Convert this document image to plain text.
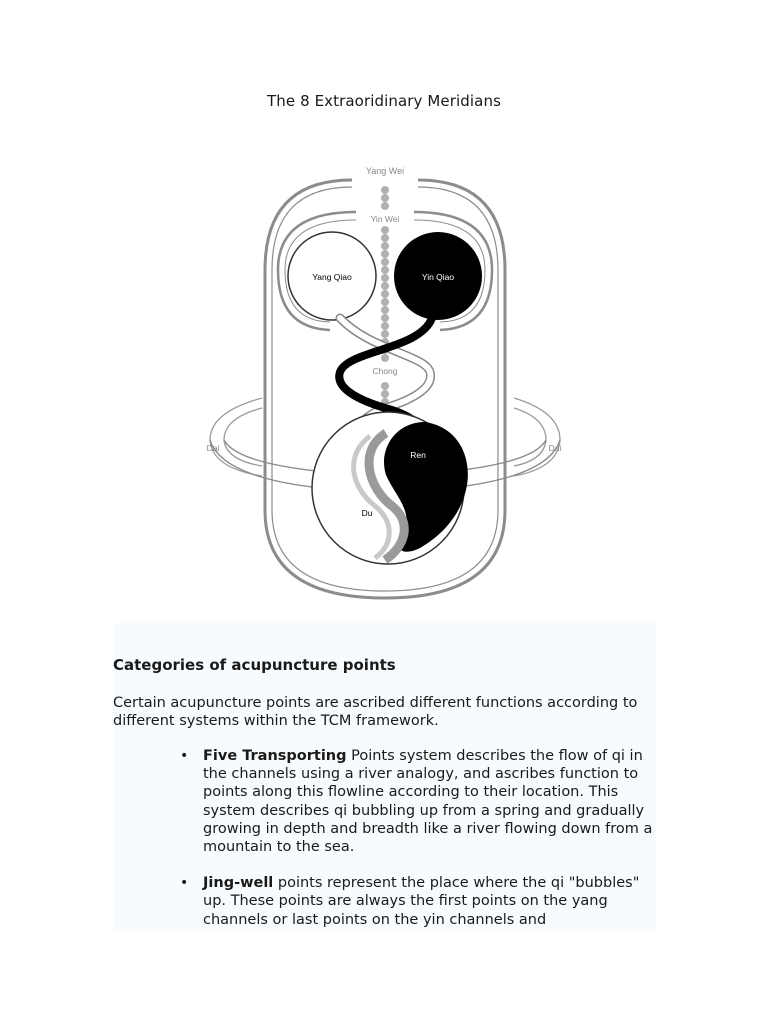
The 8 Extraoridinary Meridians
Yang Wei
Yin Wei
Yang Qiao	Yin Qiao
Chong
Dai	Dai
Ren
Du
Categories of acupuncture points
Certain acupuncture points are ascribed different functions according to different systems within the TCM framework.
• Five Transporting Points system describes the flow of qi in the channels using a river analogy, and ascribes function to points along this flowline according to their location. This system describes qi bubbling up from a spring and gradually growing in depth and breadth like a river flowing down from a mountain to the sea.
• Jing-well points represent the place where the qi "bubbles" up. These points are always the first points on the yang channels or last points on the yin channels and
